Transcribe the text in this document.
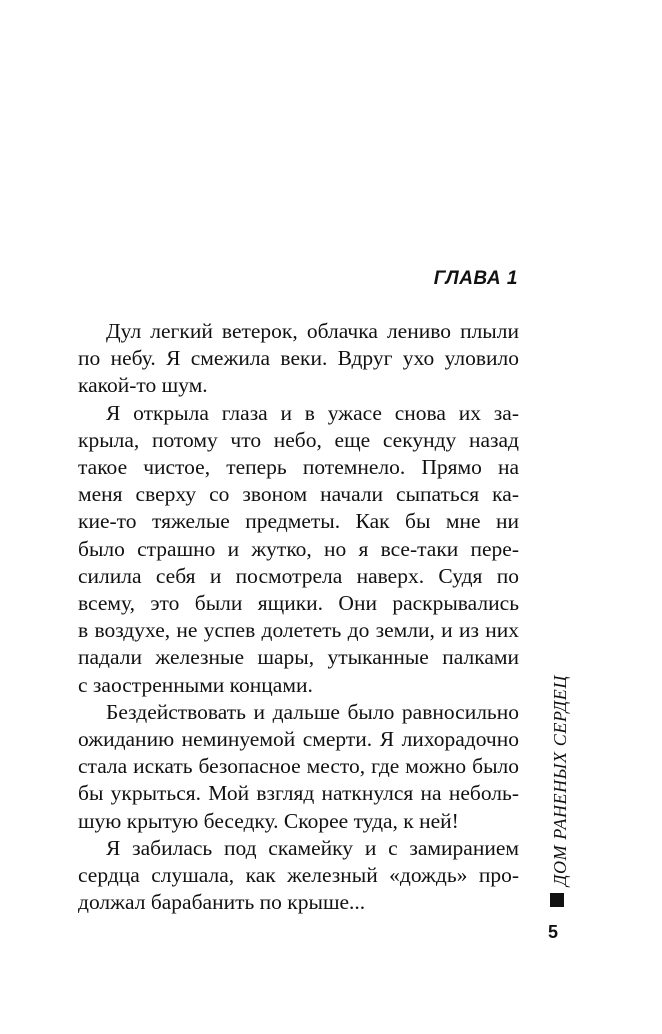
ГЛАВА 1

Дул легкий ветерок, облачка лениво плыли
по небу. Я смежила веки. Вдруг ухо уловило
какой-то шум.

Я открыла глаза и в ужасе снова их за-
крыла, потому что небо, еще секунду назад
такое чистое, теперь потемнело. Прямо на
меня сверху со звоном начали сыпаться ка-
кие-то тяжелые предметы. Как бы мне ни
было страшно и жутко, но я все-таки пере-
силила себя и посмотрела наверх. Судя по
всему, это были ящики. Они раскрывались
в воздухе, не успев долететь до земли, и из них
падали железные шары, утыканные палками
с заостренными концами.

Бездействовать и дальше было равносильно
ожиданию неминуемой смерти. Я лихорадочно
стала искать безопасное место, где можно было
бы укрыться. Мой взгляд наткнулся на неболь-
шую крытую беседку. Скорее туда, к ней!

Я забилась под скамейку и с замиранием
сердца слушала, как железный «дождь» про-
должал барабанить по крыше...

ДОМ РАНЕНЫХ СЕРДЕЦ

5
